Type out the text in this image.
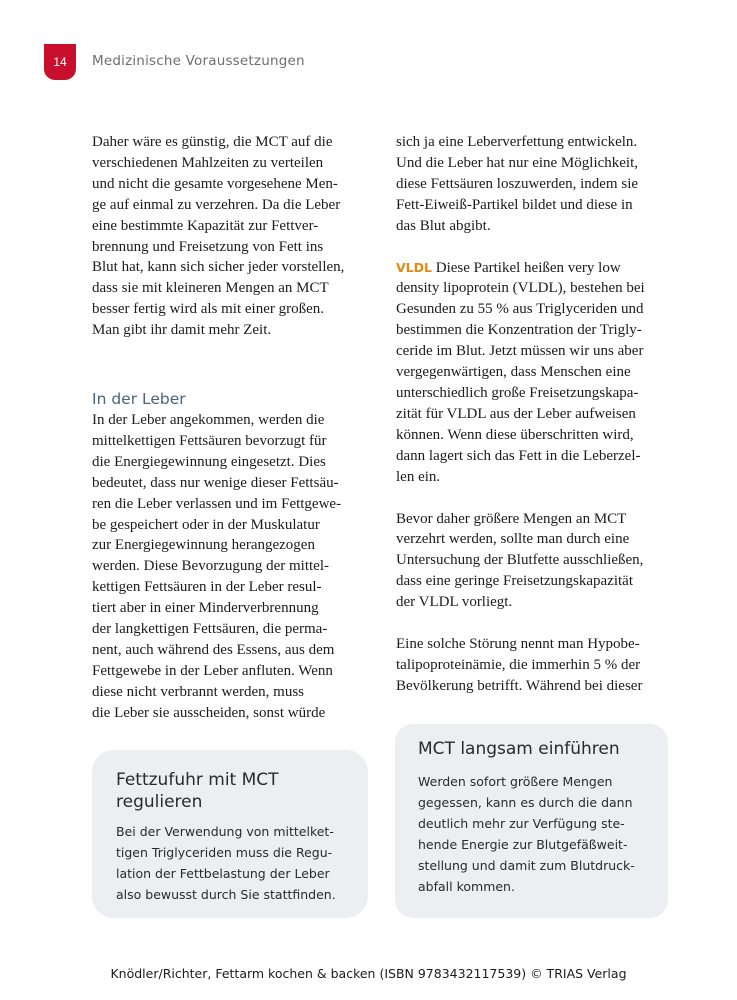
14 Medizinische Voraussetzungen

Daher wäre es günstig, die MCT auf die

verschiedenen Mahlzeiten zu verteilen

und nicht die gesamte vorgesehene Men-

ge auf einmal zu verzehren. Da die Leber

eine bestimmte Kapazität zur Fettver-

brennung und Freisetzung von Fett ins

Blut hat, kann sich sicher jeder vorstellen,

dass sie mit kleineren Mengen an MCT

besser fertig wird als mit einer großen.

Man gibt ihr damit mehr Zeit.

In der Leber

In der Leber angekommen, werden die

mittelkettigen Fettsäuren bevorzugt für

die Energiegewinnung eingesetzt. Dies

bedeutet, dass nur wenige dieser Fettsäu-

ren die Leber verlassen und im Fettgewe-

be gespeichert oder in der Muskulatur

zur Energiegewinnung herangezogen

werden. Diese Bevorzugung der mittel-

kettigen Fettsäuren in der Leber resul-

tiert aber in einer Minderverbrennung

der langkettigen Fettsäuren, die perma-

nent, auch während des Essens, aus dem

Fettgewebe in der Leber anfluten. Wenn

diese nicht verbrannt werden, muss

die Leber sie ausscheiden, sonst würde

sich ja eine Leberverfettung entwickeln.

Und die Leber hat nur eine Möglichkeit,

diese Fettsäuren loszuwerden, indem sie

Fett-Eiweiß-Partikel bildet und diese in

das Blut abgibt.

VLDL Diese Partikel heißen very low

density lipoprotein (VLDL), bestehen bei

Gesunden zu 55 % aus Triglyceriden und

bestimmen die Konzentration der Trigly-

ceride im Blut. Jetzt müssen wir uns aber

vergegenwärtigen, dass Menschen eine

unterschiedlich große Freisetzungskapa-

zität für VLDL aus der Leber aufweisen

können. Wenn diese überschritten wird,

dann lagert sich das Fett in die Leberzel-

len ein.

Bevor daher größere Mengen an MCT

verzehrt werden, sollte man durch eine

Untersuchung der Blutfette ausschließen,

dass eine geringe Freisetzungskapazität

der VLDL vorliegt.

Eine solche Störung nennt man Hypobe-

talipoproteinämie, die immerhin 5 % der

Bevölkerung betrifft. Während bei dieser

Fettzufuhr mit MCT
regulieren

Bei der Verwendung von mittelket-

tigen Triglyceriden muss die Regu-

lation der Fettbelastung der Leber

also bewusst durch Sie stattfinden.

MCT langsam einführen

Werden sofort größere Mengen

gegessen, kann es durch die dann

deutlich mehr zur Verfügung ste-

hende Energie zur Blutgefäßweit-

stellung und damit zum Blutdruck-

abfall kommen.

Knödler/Richter, Fettarm kochen & backen (ISBN 9783432117539) © TRIAS Verlag
